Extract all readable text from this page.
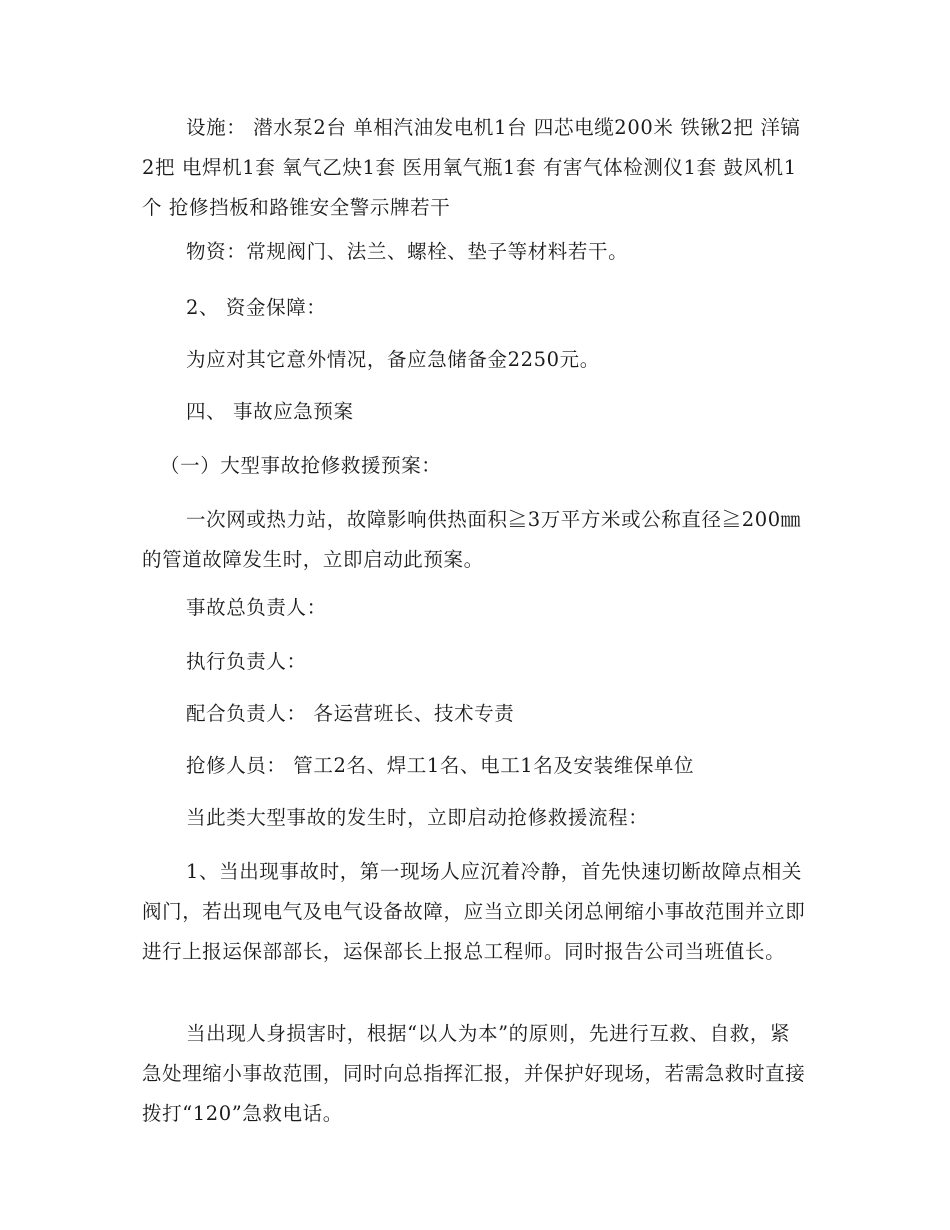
设施： 潜水泵2台 单相汽油发电机1台 四芯电缆200米 铁锹2把 洋镐2把 电焊机1套 氧气乙炔1套 医用氧气瓶1套 有害气体检测仪1套 鼓风机1个 抢修挡板和路锥安全警示牌若干
物资：常规阀门、法兰、螺栓、垫子等材料若干。
2、 资金保障：
为应对其它意外情况，备应急储备金2250元。
四、 事故应急预案
（一）大型事故抢修救援预案：
一次网或热力站，故障影响供热面积≧3万平方米或公称直径≧200㎜的管道故障发生时，立即启动此预案。
事故总负责人：
执行负责人：
配合负责人： 各运营班长、技术专责
抢修人员： 管工2名、焊工1名、电工1名及安装维保单位
当此类大型事故的发生时，立即启动抢修救援流程：
1、当出现事故时，第一现场人应沉着冷静，首先快速切断故障点相关阀门，若出现电气及电气设备故障，应当立即关闭总闸缩小事故范围并立即进行上报运保部部长，运保部长上报总工程师。同时报告公司当班值长。
当出现人身损害时，根据“以人为本”的原则，先进行互救、自救，紧急处理缩小事故范围，同时向总指挥汇报，并保护好现场，若需急救时直接拨打“120”急救电话。
